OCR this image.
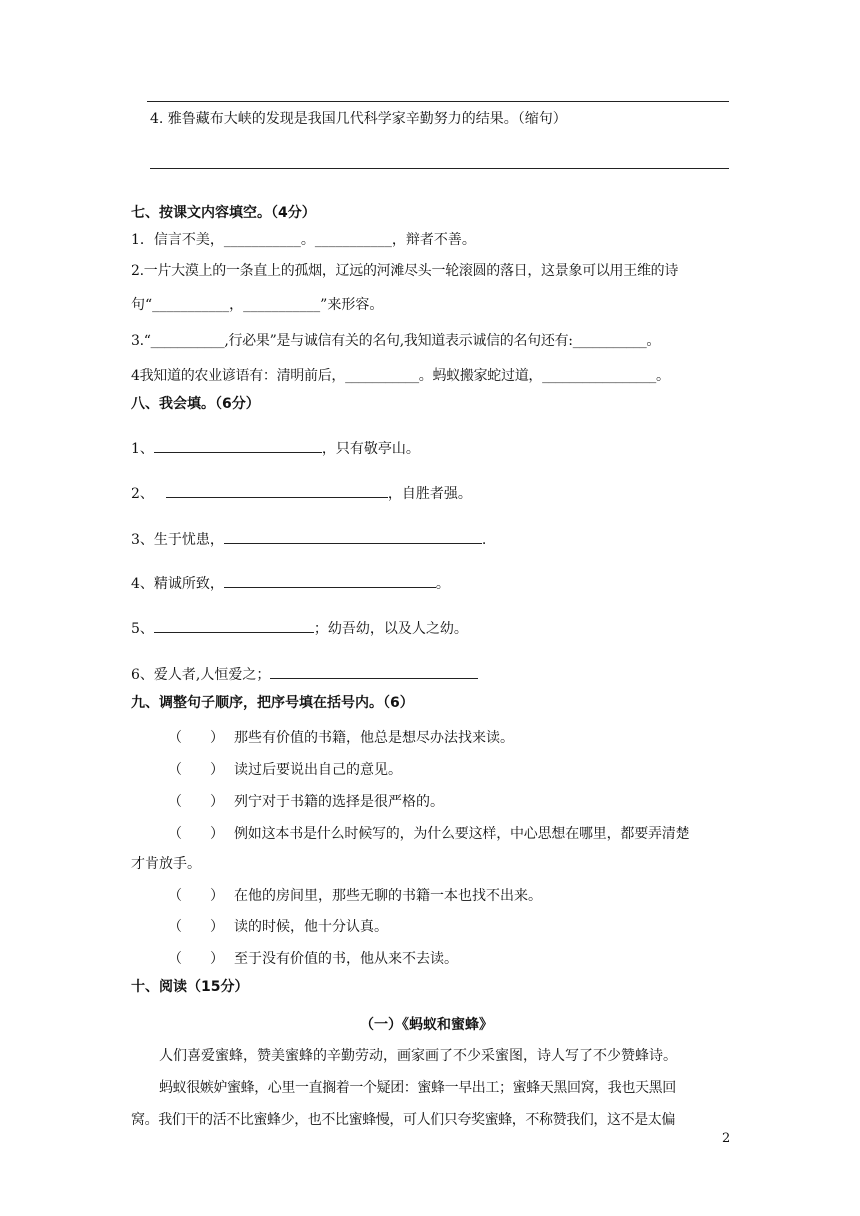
4. 雅鲁藏布大峡的发现是我国几代科学家辛勤努力的结果。（缩句）
七、按课文内容填空。（4分）
1．信言不美，___________。___________，辩者不善。
2.一片大漠上的一条直上的孤烟，辽远的河滩尽头一轮滚圆的落日，这景象可以用王维的诗
句“___________，___________”来形容。
3.“___________,行必果”是与诚信有关的名句,我知道表示诚信的名句还有:___________。
4我知道的农业谚语有：清明前后，___________。蚂蚁搬家蛇过道，_________________。
八、我会填。（6分）
1、	，只有敬亭山。
2、	，自胜者强。
3、生于忧患，	.
4、精诚所致，	。
5、	；幼吾幼，以及人之幼。
6、爱人者,人恒爱之；
九、调整句子顺序，把序号填在括号内。（6）
（　　） 那些有价值的书籍，他总是想尽办法找来读。
（　　） 读过后要说出自己的意见。
（　　） 列宁对于书籍的选择是很严格的。
（　　） 例如这本书是什么时候写的，为什么要这样，中心思想在哪里，都要弄清楚
才肯放手。
（　　） 在他的房间里，那些无聊的书籍一本也找不出来。
（　　） 读的时候，他十分认真。
（　　） 至于没有价值的书，他从来不去读。
十、阅读（15分）
（一）《蚂蚁和蜜蜂》
人们喜爱蜜蜂，赞美蜜蜂的辛勤劳动，画家画了不少采蜜图，诗人写了不少赞蜂诗。
蚂蚁很嫉妒蜜蜂，心里一直搁着一个疑团：蜜蜂一早出工；蜜蜂天黑回窝，我也天黑回
窝。我们干的活不比蜜蜂少，也不比蜜蜂慢，可人们只夸奖蜜蜂，不称赞我们，这不是太偏
2
